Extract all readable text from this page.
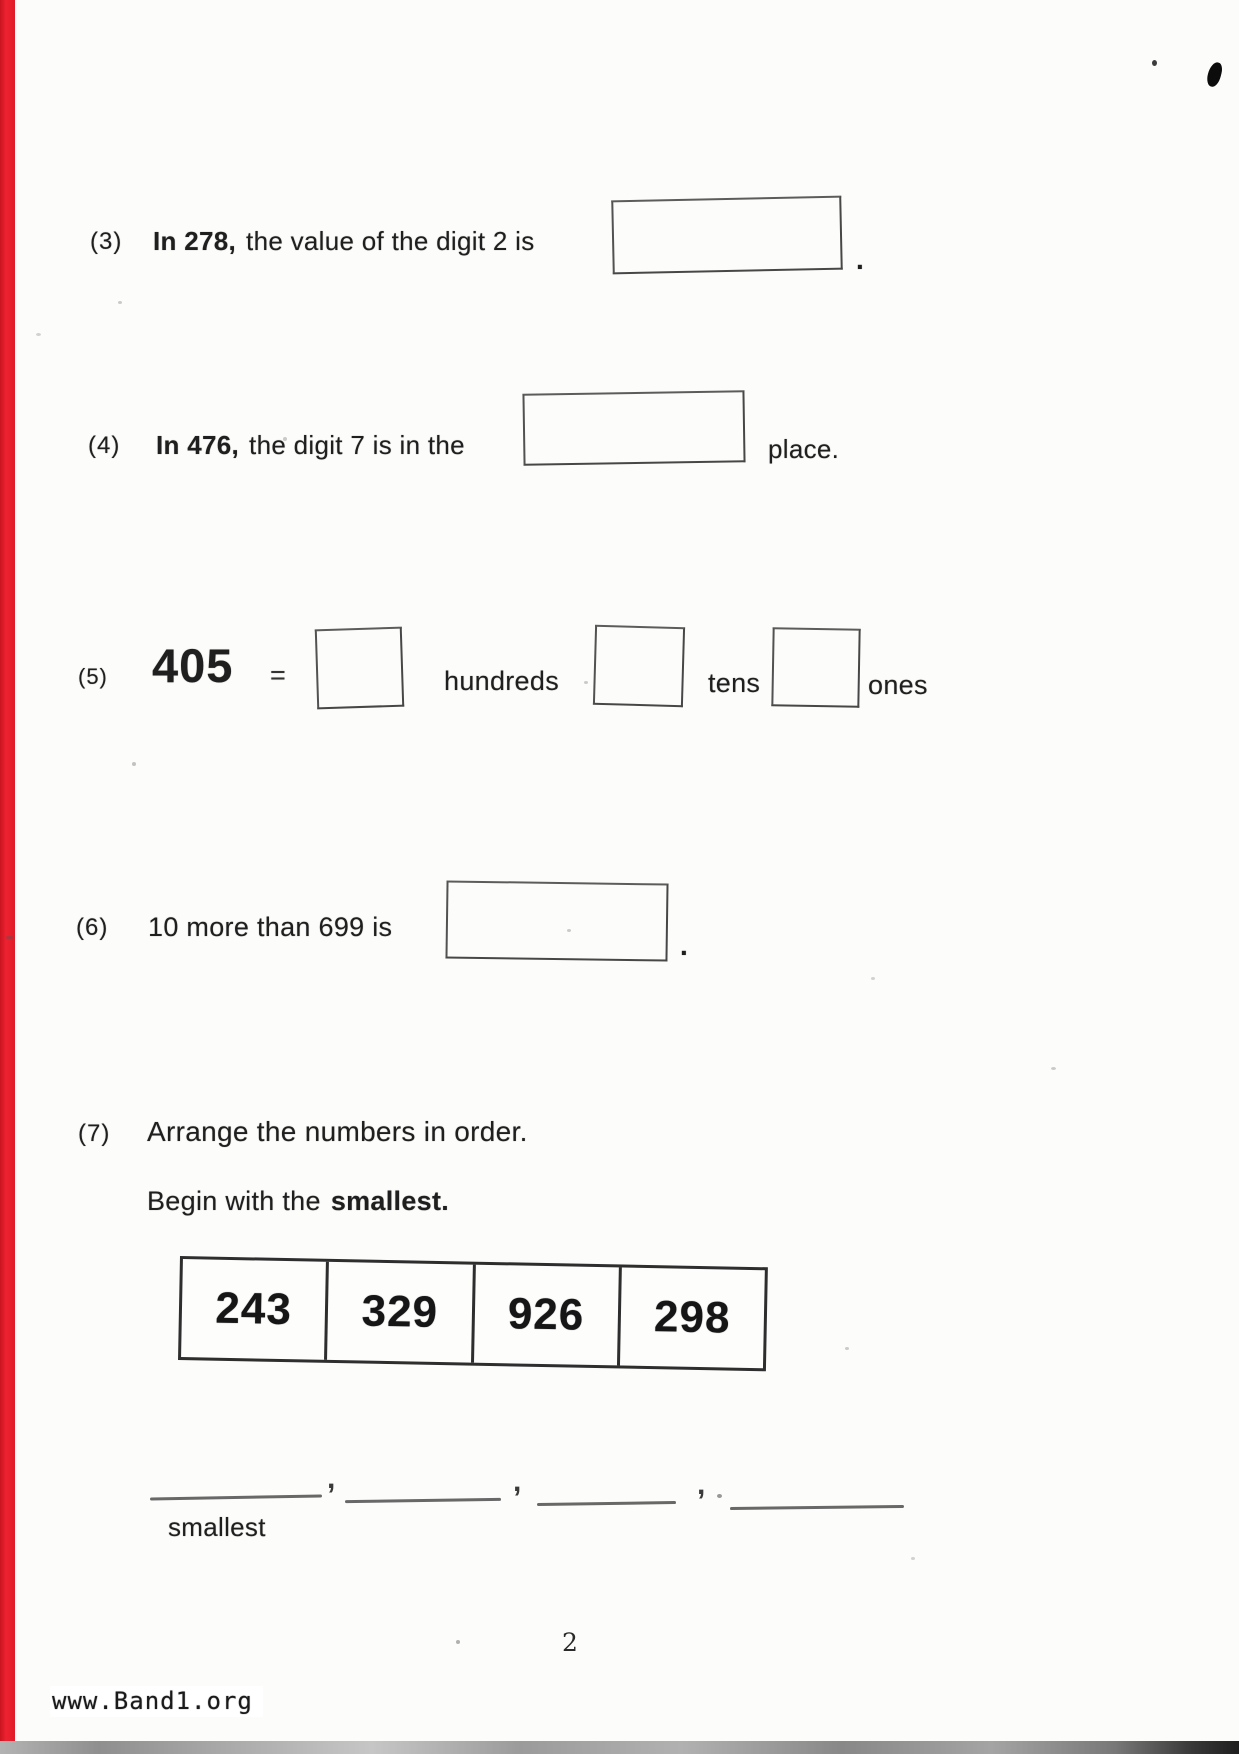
(3) In 278, the value of the digit 2 is
.
(4) In 476, the digit 7 is in the	place.
(5) 405 =	hundreds	tens	ones
(6) 10 more than 699 is
.
(7) Arrange the numbers in order.
Begin with the smallest.
243	329	926	298
,	,	,
smallest
2
www.Band1.org
